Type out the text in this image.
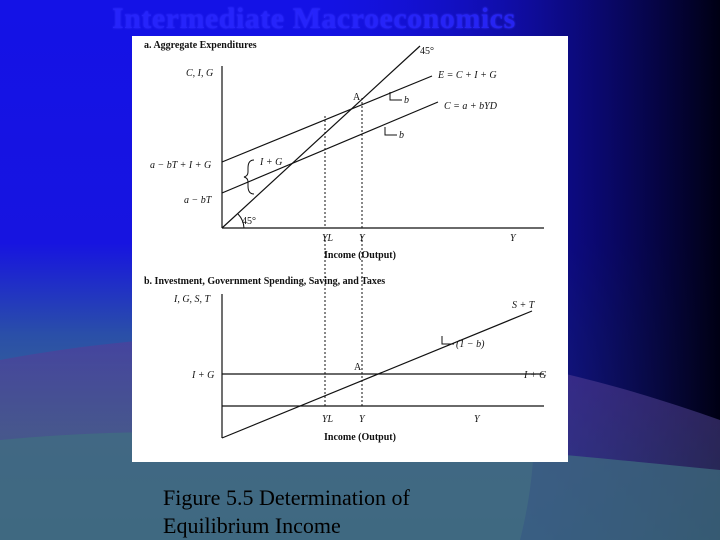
Intermediate Macroeconomics
a. Aggregate Expenditures
C, I, G
45°
E = C + I + G
C = a + bYD
b
b
A
a − bT + I + G
a − bT
I + G
45°
YL	Y	Y
Income (Output)
b. Investment, Government Spending, Saving, and Taxes
I, G, S, T
S + T
I + G	I + G
(1 − b)
A
YL	Y	Y
Income (Output)
Figure 5.5 Determination of
Equilibrium Income
